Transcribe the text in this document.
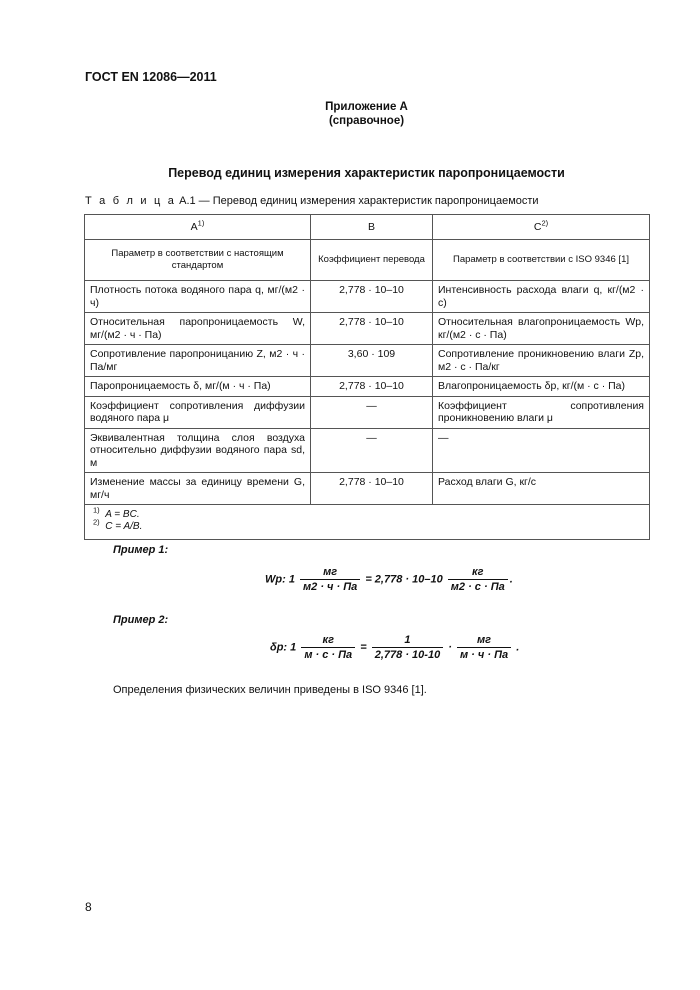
ГОСТ EN 12086—2011
Приложение А
(справочное)
Перевод единиц измерения характеристик паропроницаемости
Т а б л и ц а А.1 — Перевод единиц измерения характеристик паропроницаемости
$A^{1)}$	B	$C^{2)}$
Параметр в соответствии с настоящим стандартом	Коэффициент перевода	Параметр в соответствии с ISO 9346 [1]
Плотность потока водяного пара q, мг/(м2 · ч)	2,778 · 10–10	Интенсивность расхода влаги q, кг/(м2 · с)
Относительная паропроницаемость W, мг/(м2 · ч · Па)	2,778 · 10–10	Относительная влагопроницаемость Wp, кг/(м2 · с · Па)
Сопротивление паропроницанию Z, м2 · ч · Па/мг	3,60 · 109	Сопротивление проникновению влаги Zp, м2 · с · Па/кг
Паропроницаемость δ, мг/(м · ч · Па)	2,778 · 10–10	Влагопроницаемость δp, кг/(м · с · Па)
Коэффициент сопротивления диффузии водяного пара μ	—	Коэффициент сопротивления проникновению влаги μ
Эквивалентная толщина слоя воздуха относительно диффузии водяного пара sd, м	—	—
Изменение массы за единицу времени G, мг/ч	2,778 · 10–10	Расход влаги G, кг/с

$^{1)}$ A = BC.
$^{2)}$ C = A/B.		
Пример 1:
Wp: $1 \frac{мг}{м2 \cdot ч \cdot Па} = 2,778 \cdot 10-10 \frac{кг}{м2 \cdot с \cdot Па}$ .
Пример 2:
δp: $1 \frac{кг}{м \cdot с \cdot Па} = \frac{1}{2,778 \cdot 10-10} \cdot \frac{мг}{м \cdot ч \cdot Па}$ .
Определения физических величин приведены в ISO 9346 [1].
8
